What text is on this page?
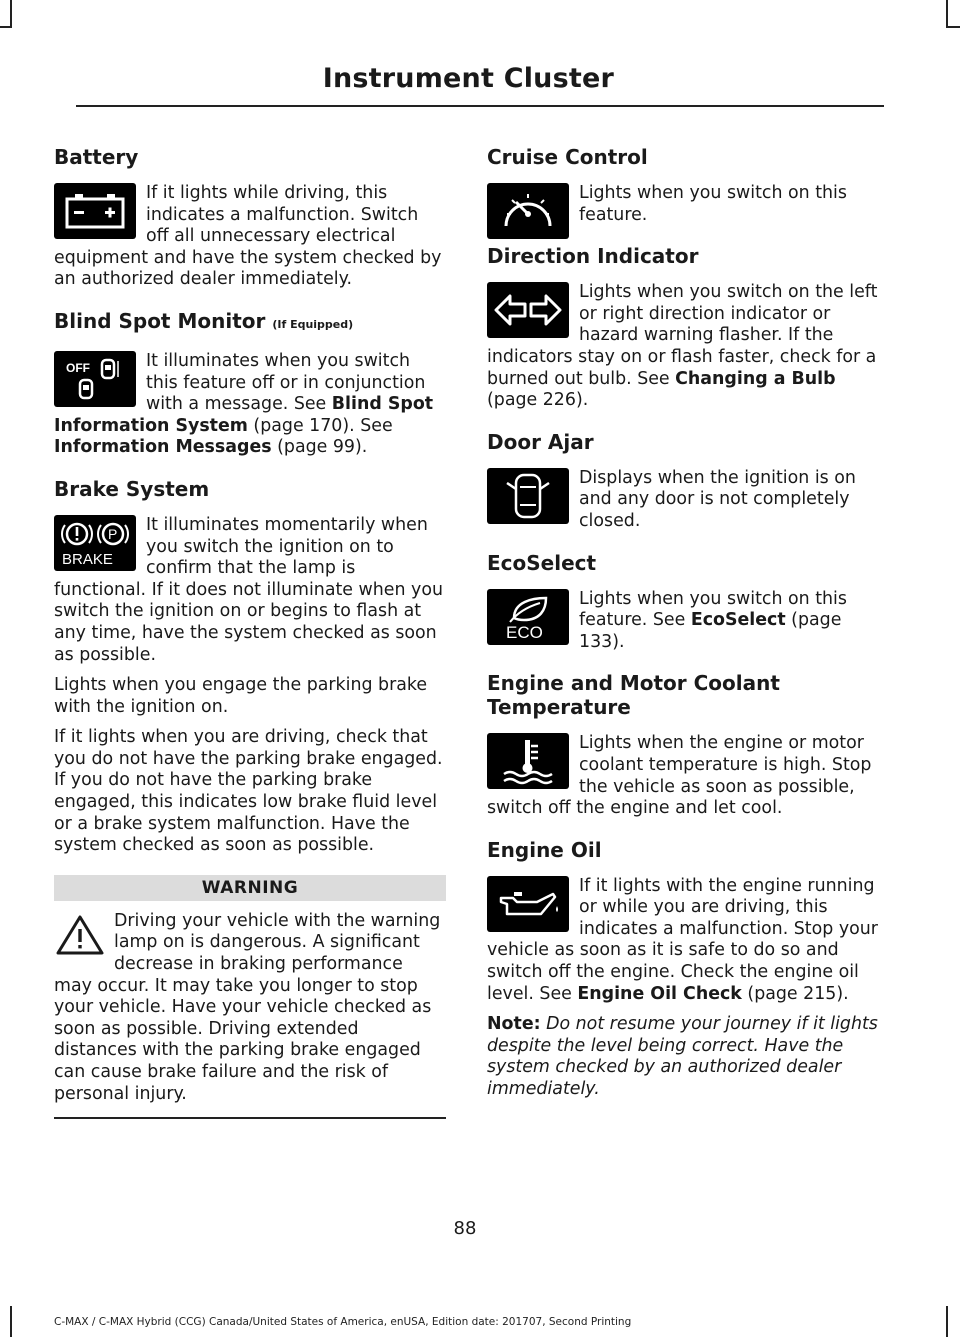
Instrument Cluster
Battery

If it lights while driving, this indicates a malfunction. Switch off all unnecessary electrical equipment and have the system checked by an authorized dealer immediately.

Blind Spot Monitor (If Equipped)
OFF	It illuminates when you switch this feature off or in conjunction with a message. See Blind Spot Information System (page 170). See Information Messages (page 99).

Brake System
P
BRAKE

It illuminates momentarily when you switch the ignition on to confirm that the lamp is functional. If it does not illuminate when you switch the ignition on or begins to flash at any time, have the system checked as soon as possible.

Lights when you engage the parking brake with the ignition on.

If it lights when you are driving, check that you do not have the parking brake engaged. If you do not have the parking brake engaged, this indicates low brake fluid level or a brake system malfunction. Have the system checked as soon as possible.

WARNING

Driving your vehicle with the warning lamp on is dangerous. A significant decrease in braking performance may occur. It may take you longer to stop your vehicle. Have your vehicle checked as soon as possible. Driving extended distances with the parking brake engaged can cause brake failure and the risk of personal injury.

Cruise Control

Lights when you switch on this feature.

Direction Indicator

Lights when you switch on the left or right direction indicator or hazard warning flasher. If the indicators stay on or flash faster, check for a burned out bulb. See Changing a Bulb (page 226).

Door Ajar

Displays when the ignition is on and any door is not completely closed.

EcoSelect
ECO

Lights when you switch on this feature. See EcoSelect (page 133).

Engine and Motor Coolant Temperature

Lights when the engine or motor coolant temperature is high. Stop the vehicle as soon as possible, switch off the engine and let cool.

Engine Oil

If it lights with the engine running or while you are driving, this indicates a malfunction. Stop your vehicle as soon as it is safe to do so and switch off the engine. Check the engine oil level. See Engine Oil Check (page 215).

Note: Do not resume your journey if it lights despite the level being correct. Have the system checked by an authorized dealer immediately.

88
C-MAX / C-MAX Hybrid (CCG) Canada/United States of America, enUSA, Edition date: 201707, Second Printing
